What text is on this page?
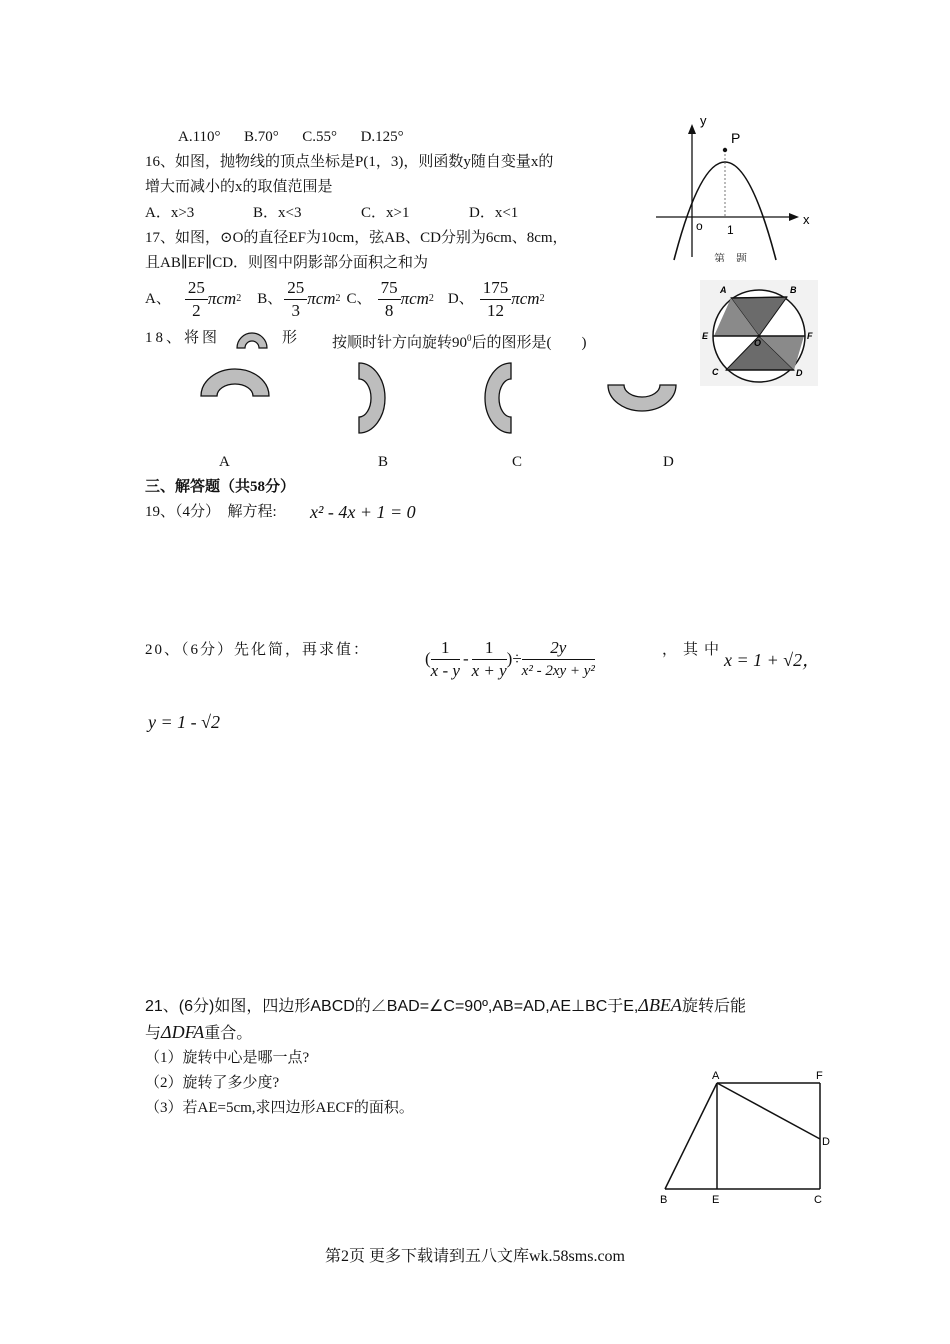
A.110° B.70° C.55° D.125°
16、如图，抛物线的顶点坐标是P(1，3)，则函数y随自变量x的
增大而减小的x的取值范围是
A．x>3	B．x<3	C．x>1	D．x<1
y
P
x
o 1
第　题
17、如图，⊙O的直径EF为10cm，弦AB、CD分别为6cm、8cm，
且AB∥EF∥CD．则图中阴影部分面积之和为
A、 $\frac{25}{2}$ πcm 2 B、 $\frac{25}{3}$ πcm 2 C、 $\frac{75}{8}$ πcm 2 D、 $\frac{175}{12}$ πcm 2
A	B
E
O
F
C	D
18、将图	形 按顺时针方向旋转$90^0$后的图形是(　　)
A	B	C	D
三、解答题（共58分）
19、（4分）　解方程: x² - 4x + 1 = 0
20、（6分）先化简，再求值：	( $\frac{1}{x - y} - \frac{1}{x + y}$ )÷ $\frac{2y}{\text{x² - 2xy + y²}}$	，其中
x = 1 + √2，
y = 1 - √2
21、(6分)如图，四边形ABCD的∠BAD=∠C=90º,AB=AD,AE⊥BC于E,ΔBEA旋转后能
与ΔDFA重合。
（1）旋转中心是哪一点?
（2）旋转了多少度?
（3）若AE=5cm,求四边形AECF的面积。
A	F
D
B	E	C
第2页 更多下载请到五八文库wk.58sms.com
